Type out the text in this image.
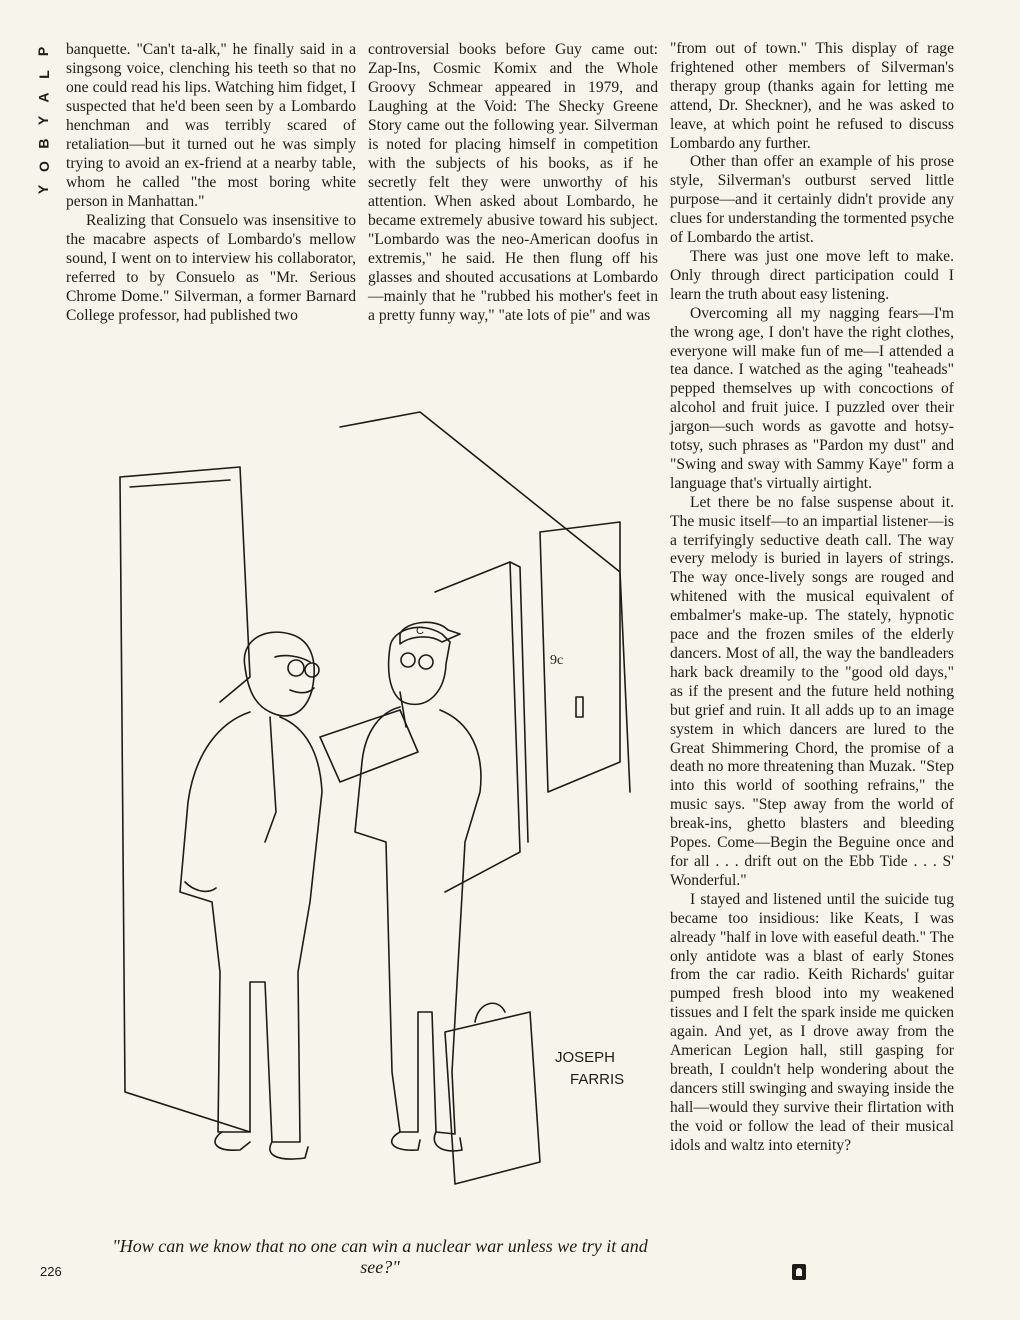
P
L
A
Y
B
O
Y

banquette. "Can't ta-alk," he finally said in a singsong voice, clenching his teeth so that no one could read his lips. Watching him fidget, I suspected that he'd been seen by a Lombardo henchman and was terribly scared of retaliation—but it turned out he was simply trying to avoid an ex-friend at a nearby table, whom he called "the most boring white person in Manhattan."

Realizing that Consuelo was insensitive to the macabre aspects of Lombardo's mellow sound, I went on to interview his collaborator, referred to by Consuelo as "Mr. Serious Chrome Dome." Silverman, a former Barnard College professor, had published two

controversial books before Guy came out: Zap-Ins, Cosmic Komix and the Whole Groovy Schmear appeared in 1979, and Laughing at the Void: The Shecky Greene Story came out the following year. Silverman is noted for placing himself in competition with the subjects of his books, as if he secretly felt they were unworthy of his attention. When asked about Lombardo, he became extremely abusive toward his subject. "Lombardo was the neo-American doofus in extremis," he said. He then flung off his glasses and shouted accusations at Lombardo—mainly that he "rubbed his mother's feet in a pretty funny way," "ate lots of pie" and was

"from out of town." This display of rage frightened other members of Silverman's therapy group (thanks again for letting me attend, Dr. Sheckner), and he was asked to leave, at which point he refused to discuss Lombardo any further.

Other than offer an example of his prose style, Silverman's outburst served little purpose—and it certainly didn't provide any clues for understanding the tormented psyche of Lombardo the artist.

There was just one move left to make. Only through direct participation could I learn the truth about easy listening.

Overcoming all my nagging fears—I'm the wrong age, I don't have the right clothes, everyone will make fun of me—I attended a tea dance. I watched as the aging "teaheads" pepped themselves up with concoctions of alcohol and fruit juice. I puzzled over their jargon—such words as gavotte and hotsy-totsy, such phrases as "Pardon my dust" and "Swing and sway with Sammy Kaye" form a language that's virtually airtight.

Let there be no false suspense about it. The music itself—to an impartial listener—is a terrifyingly seductive death call. The way every melody is buried in layers of strings. The way once-lively songs are rouged and whitened with the musical equivalent of embalmer's make-up. The stately, hypnotic pace and the frozen smiles of the elderly dancers. Most of all, the way the bandleaders hark back dreamily to the "good old days," as if the present and the future held nothing but grief and ruin. It all adds up to an image system in which dancers are lured to the Great Shimmering Chord, the promise of a death no more threatening than Muzak. "Step into this world of soothing refrains," the music says. "Step away from the world of break-ins, ghetto blasters and bleeding Popes. Come—Begin the Beguine once and for all . . . drift out on the Ebb Tide . . . S' Wonderful."

I stayed and listened until the suicide tug became too insidious: like Keats, I was already "half in love with easeful death." The only antidote was a blast of early Stones from the car radio. Keith Richards' guitar pumped fresh blood into my weakened tissues and I felt the spark inside me quicken again. And yet, as I drove away from the American Legion hall, still gasping for breath, I couldn't help wondering about the dancers still swinging and swaying inside the hall—would they survive their flirtation with the void or follow the lead of their musical idols and waltz into eternity?

9c
C
JOSEPH
FARRIS
"How can we know that no one can win a nuclear war unless we try it and see?"
226
